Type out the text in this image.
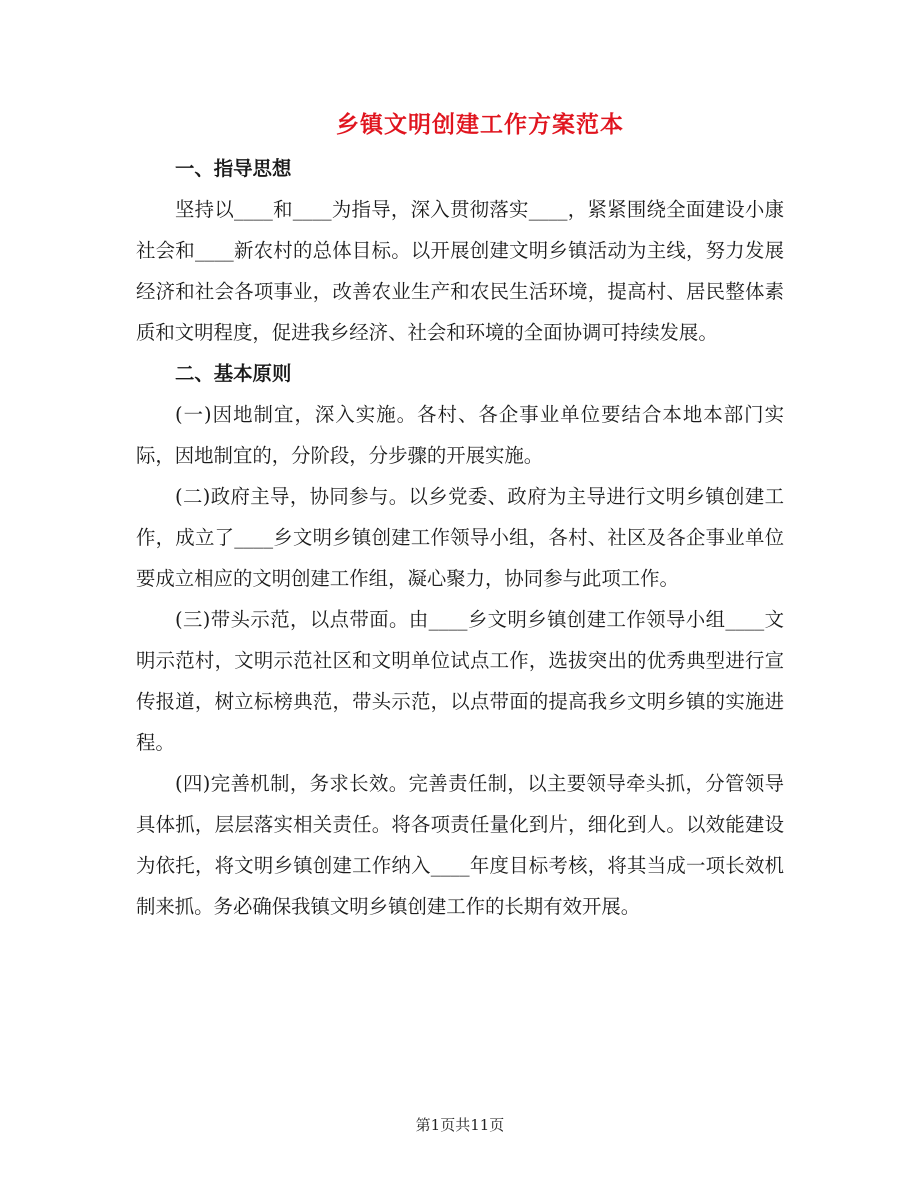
乡镇文明创建工作方案范本

一、指导思想

坚持以____和____为指导，深入贯彻落实____，紧紧围绕全面建设小康社会和____新农村的总体目标。以开展创建文明乡镇活动为主线，努力发展经济和社会各项事业，改善农业生产和农民生活环境，提高村、居民整体素质和文明程度，促进我乡经济、社会和环境的全面协调可持续发展。

二、基本原则

(一)因地制宜，深入实施。各村、各企事业单位要结合本地本部门实际，因地制宜的，分阶段，分步骤的开展实施。

(二)政府主导，协同参与。以乡党委、政府为主导进行文明乡镇创建工作，成立了____乡文明乡镇创建工作领导小组，各村、社区及各企事业单位要成立相应的文明创建工作组，凝心聚力，协同参与此项工作。

(三)带头示范，以点带面。由____乡文明乡镇创建工作领导小组____文明示范村，文明示范社区和文明单位试点工作，选拔突出的优秀典型进行宣传报道，树立标榜典范，带头示范，以点带面的提高我乡文明乡镇的实施进程。

(四)完善机制，务求长效。完善责任制，以主要领导牵头抓，分管领导具体抓，层层落实相关责任。将各项责任量化到片，细化到人。以效能建设为依托，将文明乡镇创建工作纳入____年度目标考核，将其当成一项长效机制来抓。务必确保我镇文明乡镇创建工作的长期有效开展。

第1页共11页
